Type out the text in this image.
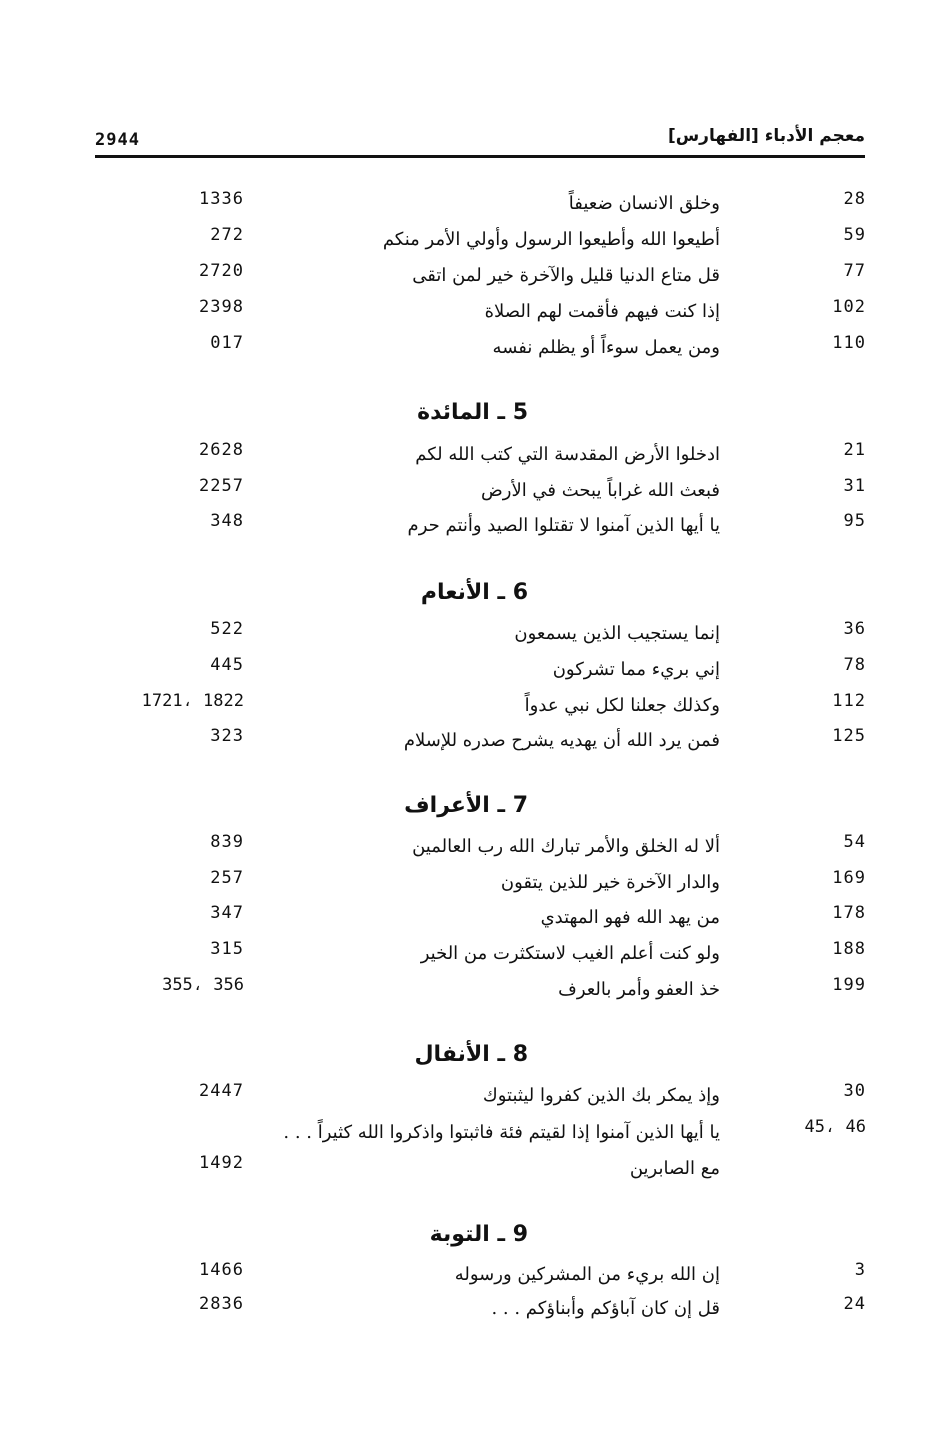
2944	معجم الأدباء [الفهارس]
28
وخلق الانسان ضعيفاً
1336
59
أطيعوا الله وأطيعوا الرسول وأولي الأمر منكم
272
77
قل متاع الدنيا قليل والآخرة خير لمن اتقى
2720
102
إذا كنت فيهم فأقمت لهم الصلاة
2398
110
ومن يعمل سوءاً أو يظلم نفسه
017
5 ـ المائدة
21
ادخلوا الأرض المقدسة التي كتب الله لكم
2628
31
فبعث الله غراباً يبحث في الأرض
2257
95
يا أيها الذين آمنوا لا تقتلوا الصيد وأنتم حرم
348
6 ـ الأنعام
36
إنما يستجيب الذين يسمعون
522
78
إني بريء مما تشركون
445
112
وكذلك جعلنا لكل نبي عدواً
1822 ،1721
125
فمن يرد الله أن يهديه يشرح صدره للإسلام
323
7 ـ الأعراف
54
ألا له الخلق والأمر تبارك الله رب العالمين
839
169
والدار الآخرة خير للذين يتقون
257
178
من يهد الله فهو المهتدي
347
188
ولو كنت أعلم الغيب لاستكثرت من الخير
315
199
خذ العفو وأمر بالعرف
356 ،355
8 ـ الأنفال
30
وإذ يمكر بك الذين كفروا ليثبتوك
2447
46 ،45
يا أيها الذين آمنوا إذا لقيتم فئة فاثبتوا واذكروا الله كثيراً . . . مع الصابرين
1492
9 ـ التوبة
3
إن الله بريء من المشركين ورسوله
1466
24
قل إن كان آباؤكم وأبناؤكم . . .
2836
